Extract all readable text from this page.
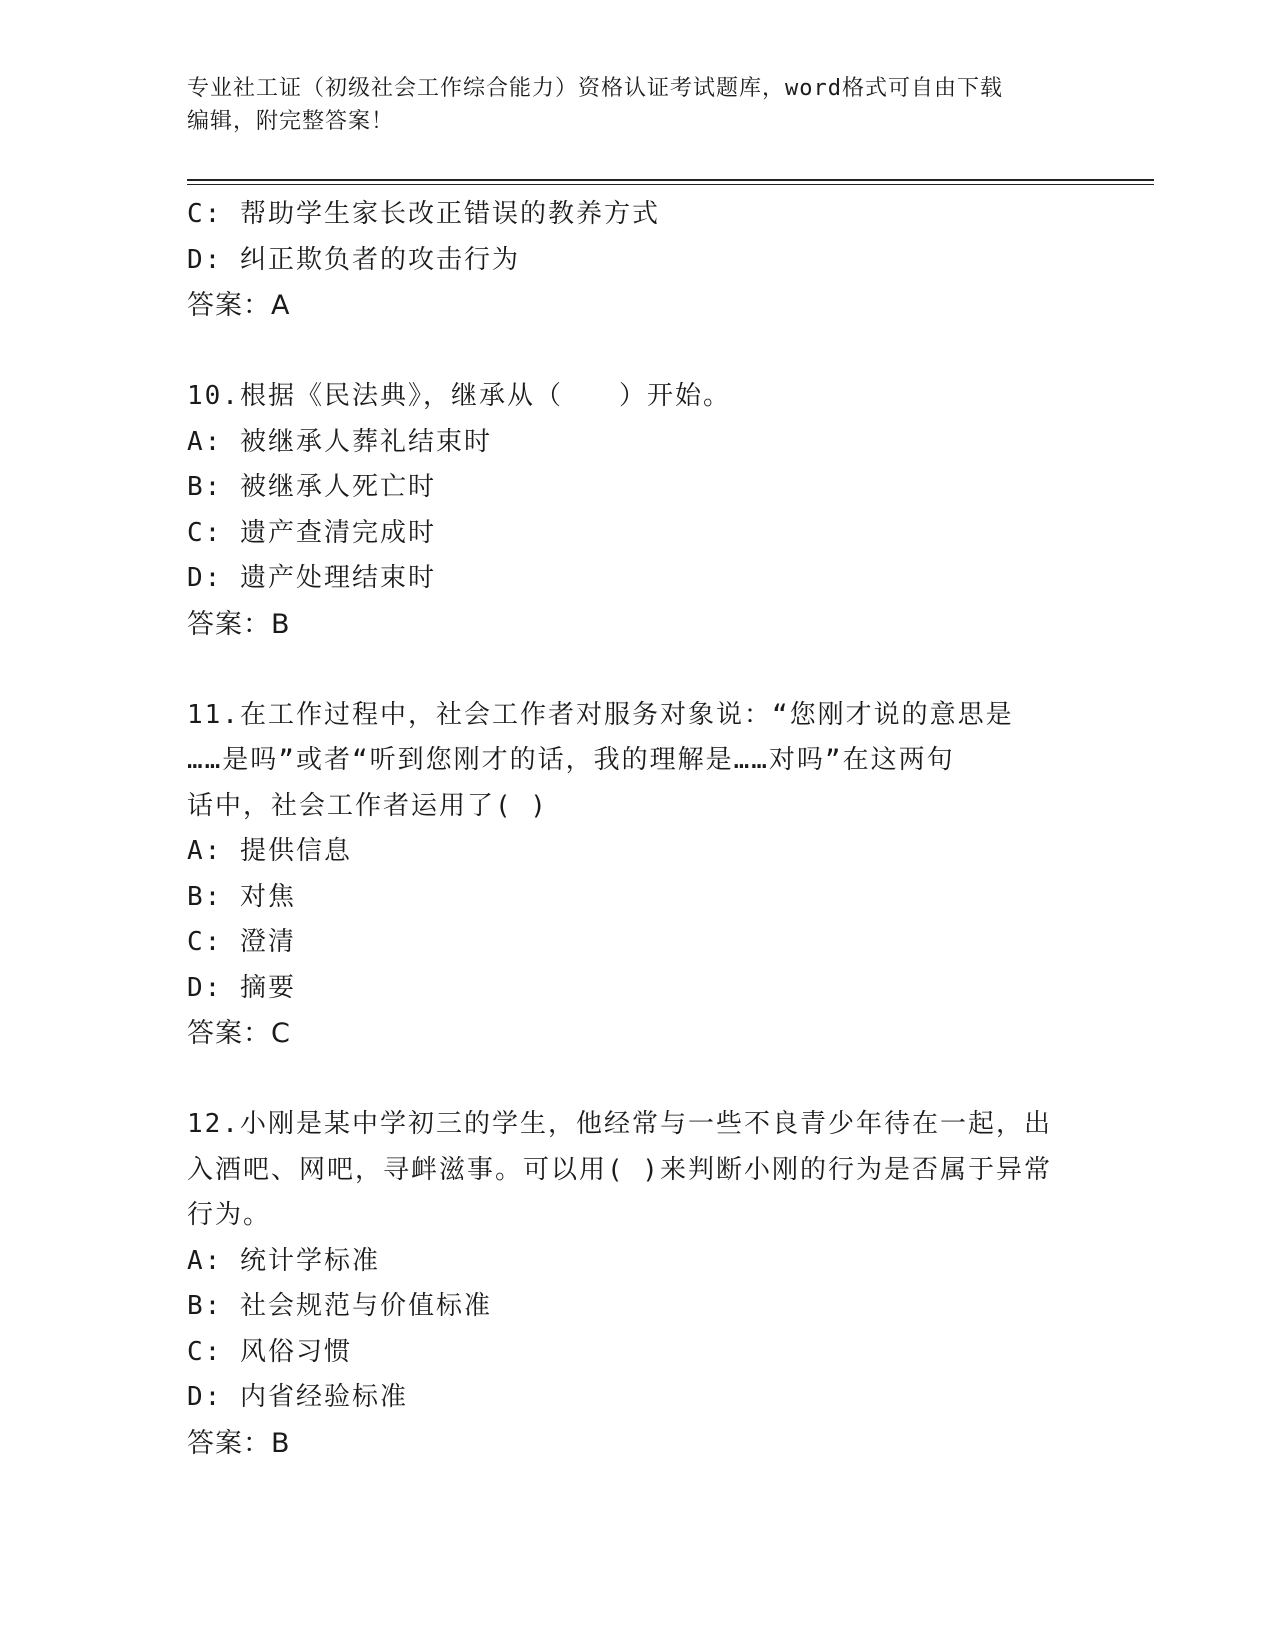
专业社工证（初级社会工作综合能力）资格认证考试题库，word格式可自由下载
编辑，附完整答案！
C: 帮助学生家长改正错误的教养方式
D: 纠正欺负者的攻击行为
答案：A
10.根据《民法典》，继承从（　　）开始。
A: 被继承人葬礼结束时
B: 被继承人死亡时
C: 遗产查清完成时
D: 遗产处理结束时
答案：B
11.在工作过程中，社会工作者对服务对象说：“您刚才说的意思是
……是吗”或者“听到您刚才的话，我的理解是……对吗”在这两句
话中，社会工作者运用了( )
A: 提供信息
B: 对焦
C: 澄清
D: 摘要
答案：C
12.小刚是某中学初三的学生，他经常与一些不良青少年待在一起，出
入酒吧、网吧，寻衅滋事。可以用( )来判断小刚的行为是否属于异常
行为。
A: 统计学标准
B: 社会规范与价值标准
C: 风俗习惯
D: 内省经验标准
答案：B
